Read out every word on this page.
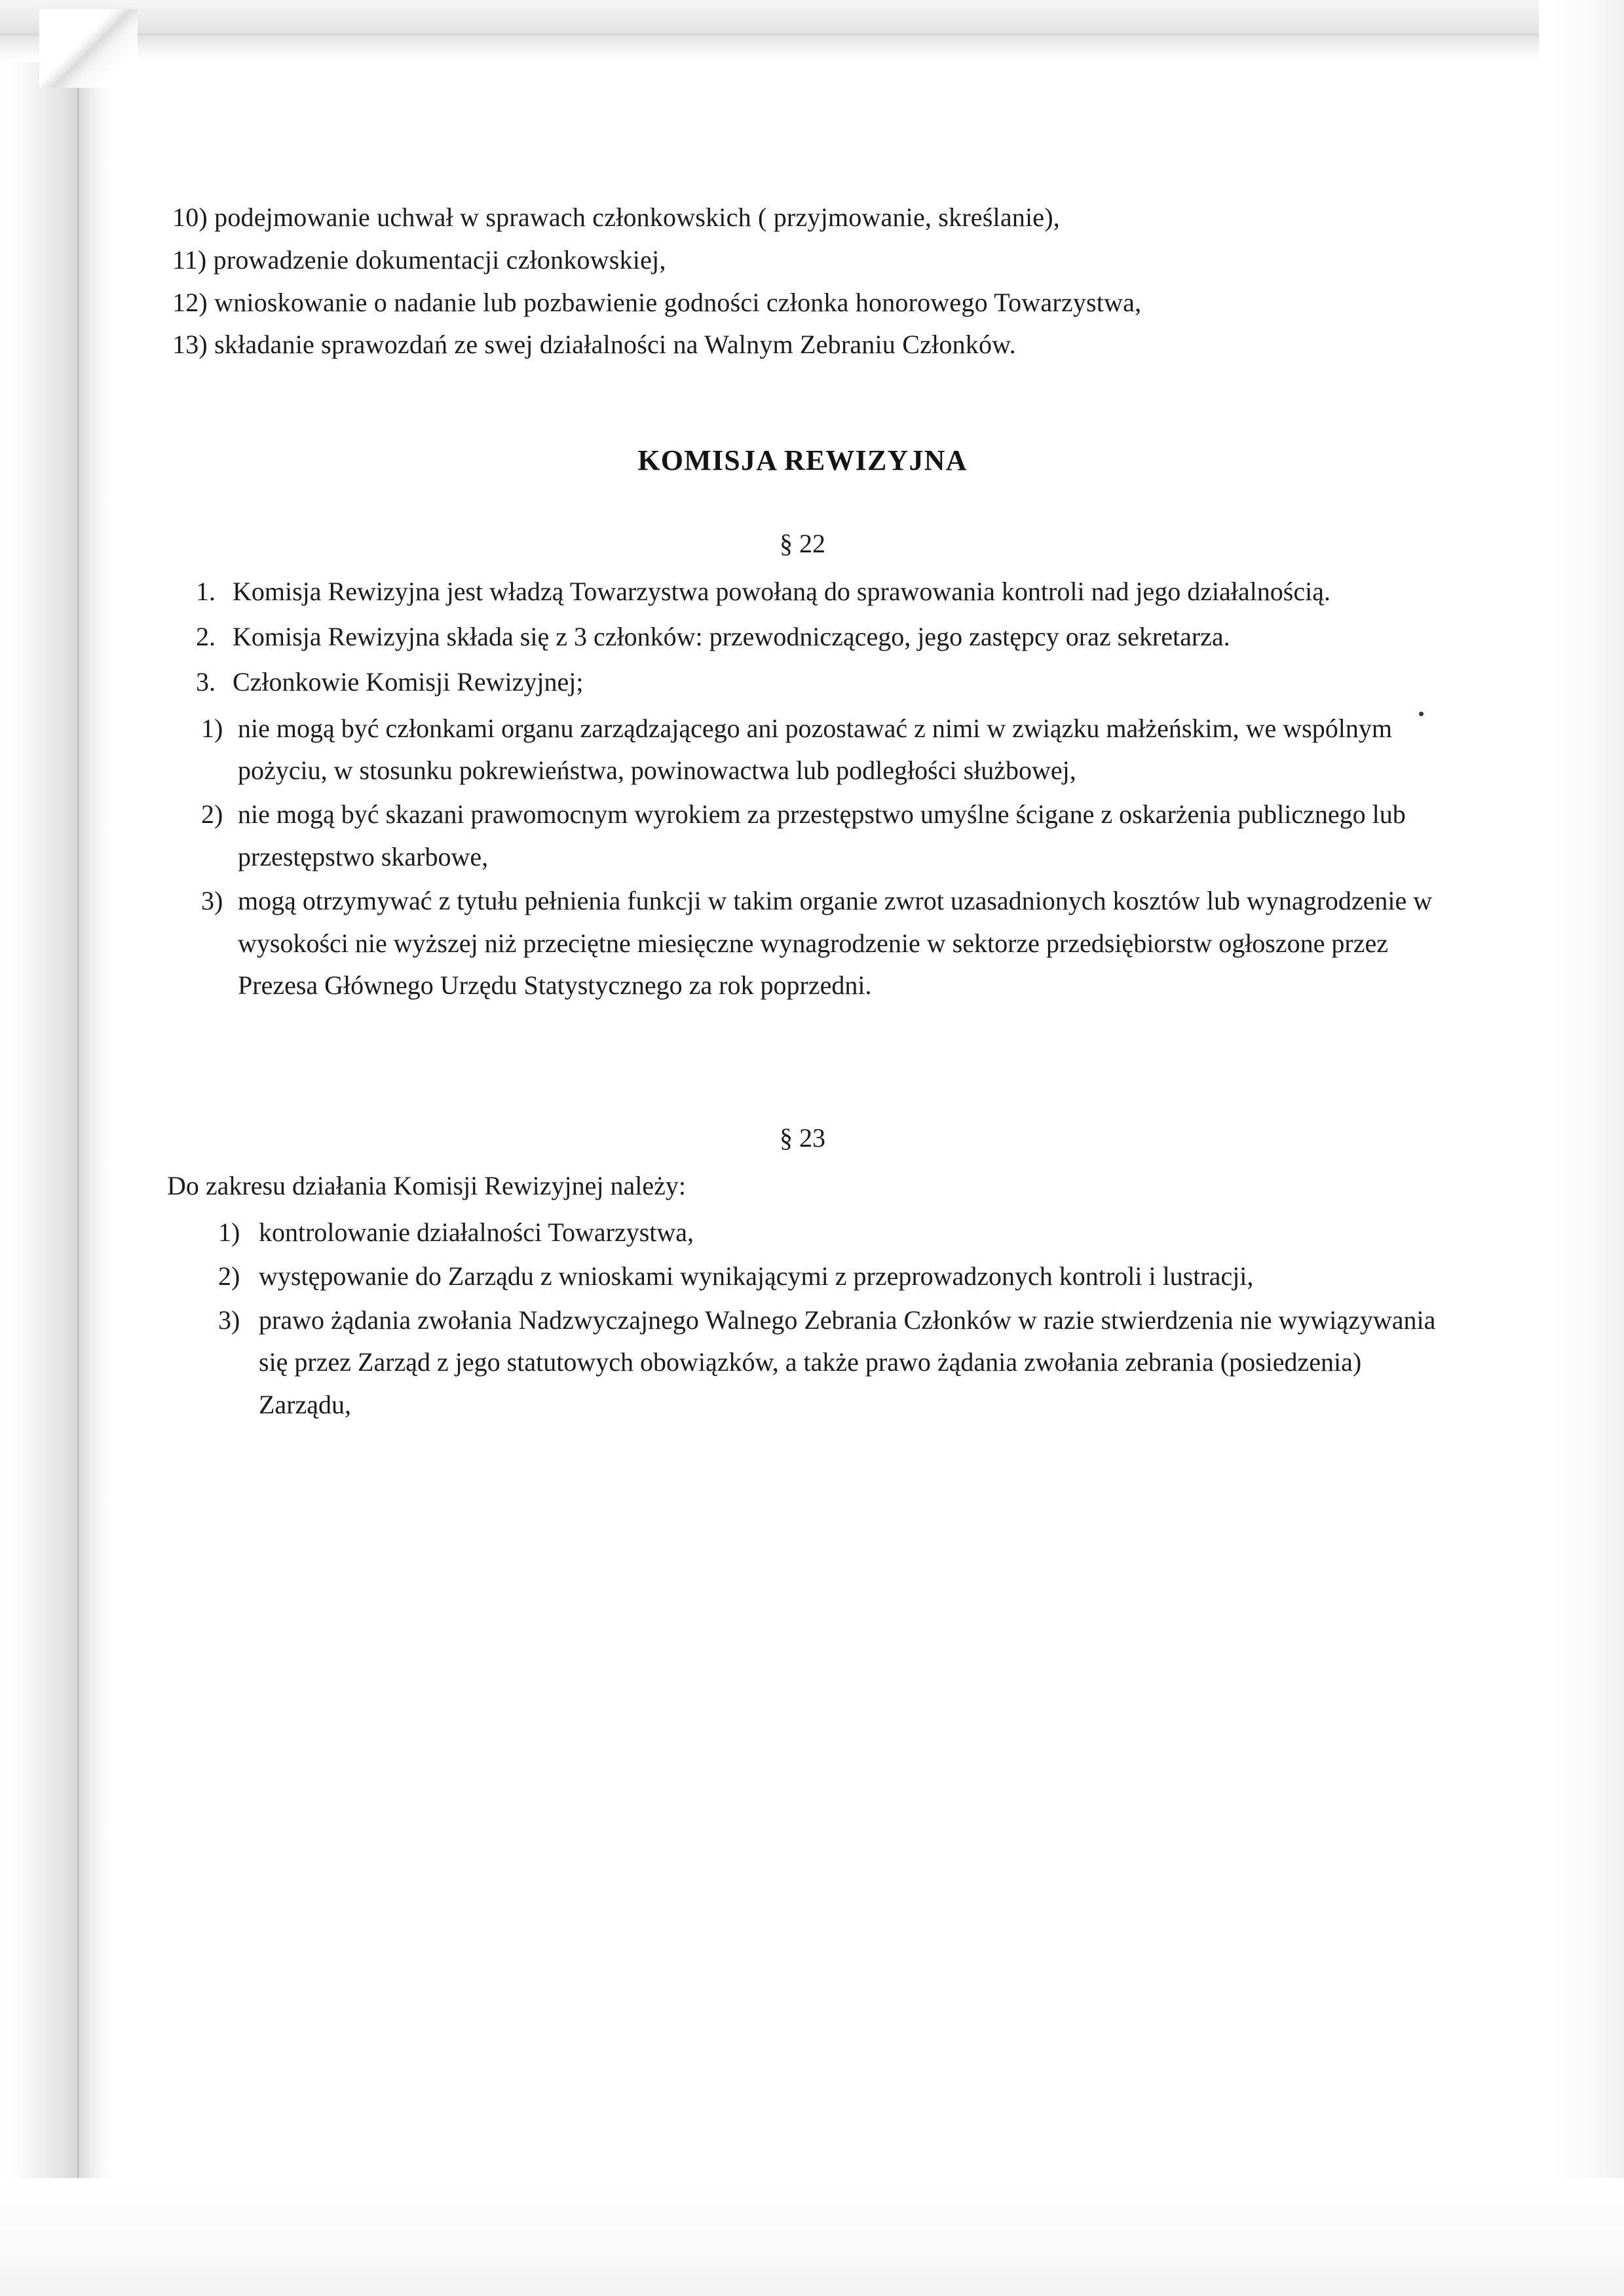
10) podejmowanie uchwał w sprawach członkowskich ( przyjmowanie, skreślanie),
11) prowadzenie dokumentacji członkowskiej,
12) wnioskowanie o nadanie lub pozbawienie godności członka honorowego Towarzystwa,
13) składanie sprawozdań ze swej działalności na Walnym Zebraniu Członków.
KOMISJA REWIZYJNA
§ 22
1. Komisja Rewizyjna jest władzą Towarzystwa powołaną do sprawowania kontroli nad jego działalnością.
2. Komisja Rewizyjna składa się z 3 członków: przewodniczącego, jego zastępcy oraz sekretarza.
3. Członkowie Komisji Rewizyjnej;
1) nie mogą być członkami organu zarządzającego ani pozostawać z nimi w związku małżeńskim, we wspólnym pożyciu, w stosunku pokrewieństwa, powinowactwa lub podległości służbowej,

2) nie mogą być skazani prawomocnym wyrokiem za przestępstwo umyślne ścigane z oskarżenia publicznego lub przestępstwo skarbowe,

3) mogą otrzymywać z tytułu pełnienia funkcji w takim organie zwrot uzasadnionych kosztów lub wynagrodzenie w wysokości nie wyższej niż przeciętne miesięczne wynagrodzenie w sektorze przedsiębiorstw ogłoszone przez Prezesa Głównego Urzędu Statystycznego za rok poprzedni.

§ 23
Do zakresu działania Komisji Rewizyjnej należy:
1) kontrolowanie działalności Towarzystwa,

2) występowanie do Zarządu z wnioskami wynikającymi z przeprowadzonych kontroli i lustracji,

3) prawo żądania zwołania Nadzwyczajnego Walnego Zebrania Członków w razie stwierdzenia nie wywiązywania się przez Zarząd z jego statutowych obowiązków, a także prawo żądania zwołania zebrania (posiedzenia) Zarządu,
